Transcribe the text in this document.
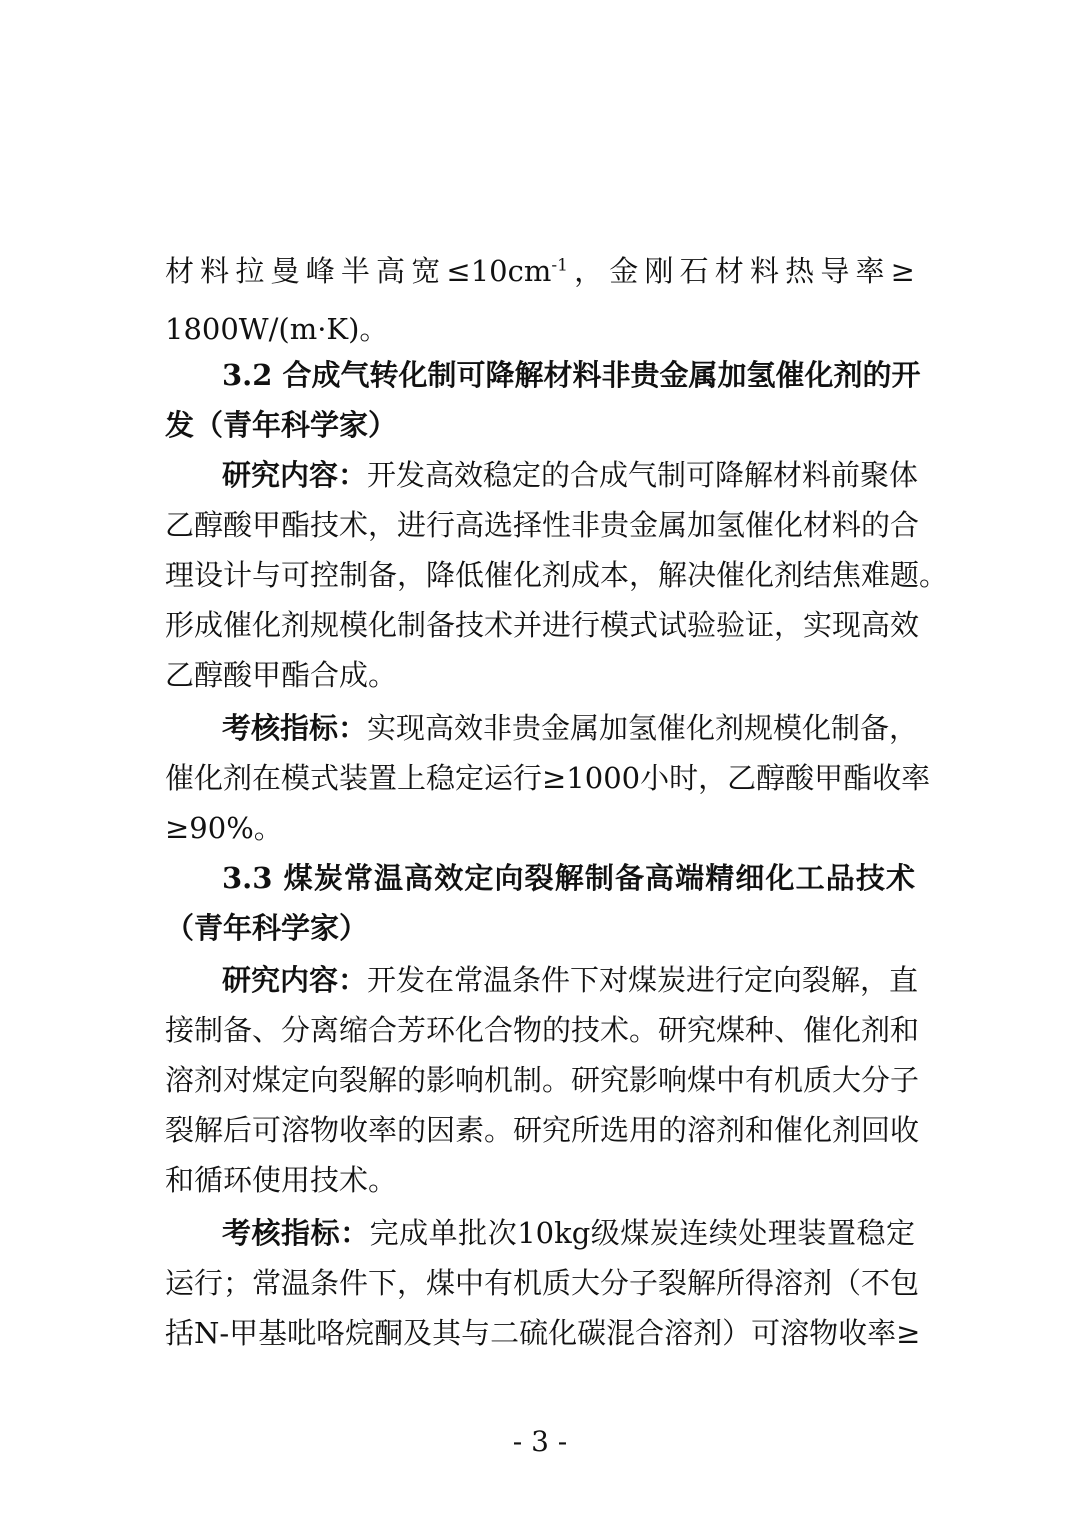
材料拉曼峰半高宽$\le 10cm^{-1}$，金刚石材料热导率≥
1800W/(m·K)。
3.2 合成气转化制可降解材料非贵金属加氢催化剂的开
发（青年科学家）
研究内容：开发高效稳定的合成气制可降解材料前聚体
乙醇酸甲酯技术，进行高选择性非贵金属加氢催化材料的合
理设计与可控制备，降低催化剂成本，解决催化剂结焦难题。
形成催化剂规模化制备技术并进行模式试验验证，实现高效
乙醇酸甲酯合成。
考核指标：实现高效非贵金属加氢催化剂规模化制备，
催化剂在模式装置上稳定运行≥1000小时，乙醇酸甲酯收率
≥90%。
3.3 煤炭常温高效定向裂解制备高端精细化工品技术
（青年科学家）
研究内容：开发在常温条件下对煤炭进行定向裂解，直
接制备、分离缩合芳环化合物的技术。研究煤种、催化剂和
溶剂对煤定向裂解的影响机制。研究影响煤中有机质大分子
裂解后可溶物收率的因素。研究所选用的溶剂和催化剂回收
和循环使用技术。
考核指标：完成单批次10kg级煤炭连续处理装置稳定
运行；常温条件下，煤中有机质大分子裂解所得溶剂（不包
括N-甲基吡咯烷酮及其与二硫化碳混合溶剂）可溶物收率≥
- 3 -
